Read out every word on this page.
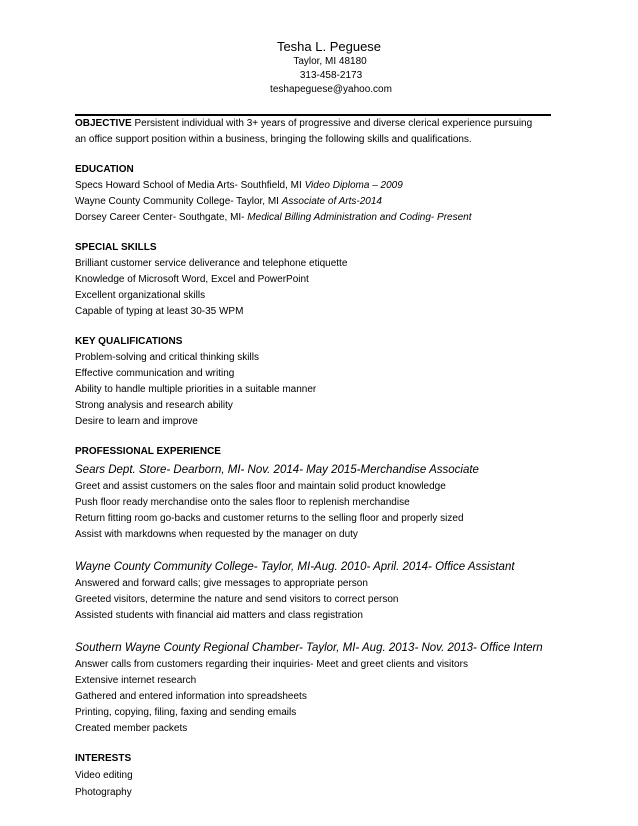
Tesha L. Peguese
Taylor, MI 48180
313-458-2173
teshapeguese@yahoo.com
OBJECTIVE Persistent individual with 3+ years of progressive and diverse clerical experience pursuing
an office support position within a business, bringing the following skills and qualifications.
EDUCATION
Specs Howard School of Media Arts- Southfield, MI Video Diploma – 2009
Wayne County Community College- Taylor, MI Associate of Arts-2014
Dorsey Career Center- Southgate, MI- Medical Billing Administration and Coding- Present
SPECIAL SKILLS
Brilliant customer service deliverance and telephone etiquette
Knowledge of Microsoft Word, Excel and PowerPoint
Excellent organizational skills
Capable of typing at least 30-35 WPM
KEY QUALIFICATIONS
Problem-solving and critical thinking skills
Effective communication and writing
Ability to handle multiple priorities in a suitable manner
Strong analysis and research ability
Desire to learn and improve
PROFESSIONAL EXPERIENCE
Sears Dept. Store- Dearborn, MI- Nov. 2014- May 2015-Merchandise Associate
Greet and assist customers on the sales floor and maintain solid product knowledge
Push floor ready merchandise onto the sales floor to replenish merchandise
Return fitting room go-backs and customer returns to the selling floor and properly sized
Assist with markdowns when requested by the manager on duty
Wayne County Community College- Taylor, MI-Aug. 2010- April. 2014- Office Assistant
Answered and forward calls; give messages to appropriate person
Greeted visitors, determine the nature and send visitors to correct person
Assisted students with financial aid matters and class registration
Southern Wayne County Regional Chamber- Taylor, MI- Aug. 2013- Nov. 2013- Office Intern
Answer calls from customers regarding their inquiries- Meet and greet clients and visitors
Extensive internet research
Gathered and entered information into spreadsheets
Printing, copying, filing, faxing and sending emails
Created member packets
INTERESTS
Video editing
Photography
